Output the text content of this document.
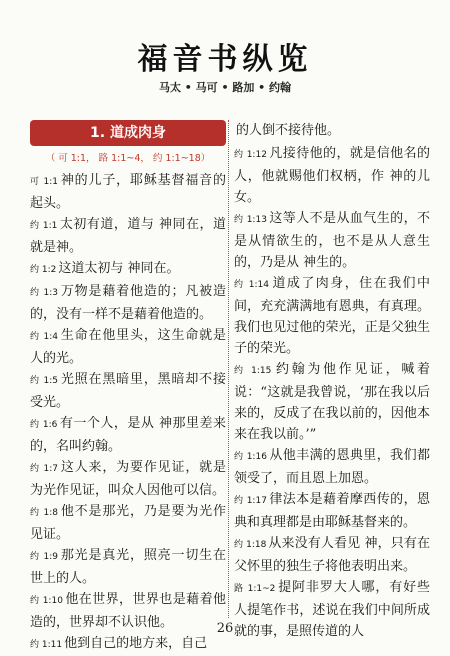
福音书纵览
马太 • 马可 • 路加 • 约翰
1. 道成肉身
（ 可 1:1， 路 1:1~4， 约 1:1~18）
可 1:1 神的儿子，耶稣基督福音的起头。
约 1:1 太初有道，道与 神同在，道就是神。
约 1:2 这道太初与 神同在。
约 1:3 万物是藉着他造的；凡被造的，没有一样不是藉着他造的。
约 1:4 生命在他里头，这生命就是人的光。
约 1:5 光照在黑暗里，黑暗却不接受光。
约 1:6 有一个人，是从 神那里差来的，名叫约翰。
约 1:7 这人来，为要作见证，就是为光作见证，叫众人因他可以信。
约 1:8 他不是那光，乃是要为光作见证。
约 1:9 那光是真光，照亮一切生在世上的人。
约 1:10 他在世界，世界也是藉着他造的，世界却不认识他。
约 1:11 他到自己的地方来，自己
的人倒不接待他。
约 1:12 凡接待他的，就是信他名的人，他就赐他们权柄，作 神的儿女。
约 1:13 这等人不是从血气生的，不是从情欲生的，也不是从人意生的，乃是从 神生的。
约 1:14 道成了肉身，住在我们中间，充充满满地有恩典，有真理。我们也见过他的荣光，正是父独生子的荣光。
约 1:15 约翰为他作见证，喊着说：“这就是我曾说，‘那在我以后来的，反成了在我以前的，因他本来在我以前。’”
约 1:16 从他丰满的恩典里，我们都领受了，而且恩上加恩。
约 1:17 律法本是藉着摩西传的，恩典和真理都是由耶稣基督来的。
约 1:18 从来没有人看见 神，只有在父怀里的独生子将他表明出来。
路 1:1~2 提阿非罗大人哪，有好些人提笔作书，述说在我们中间所成就的事，是照传道的人
26
